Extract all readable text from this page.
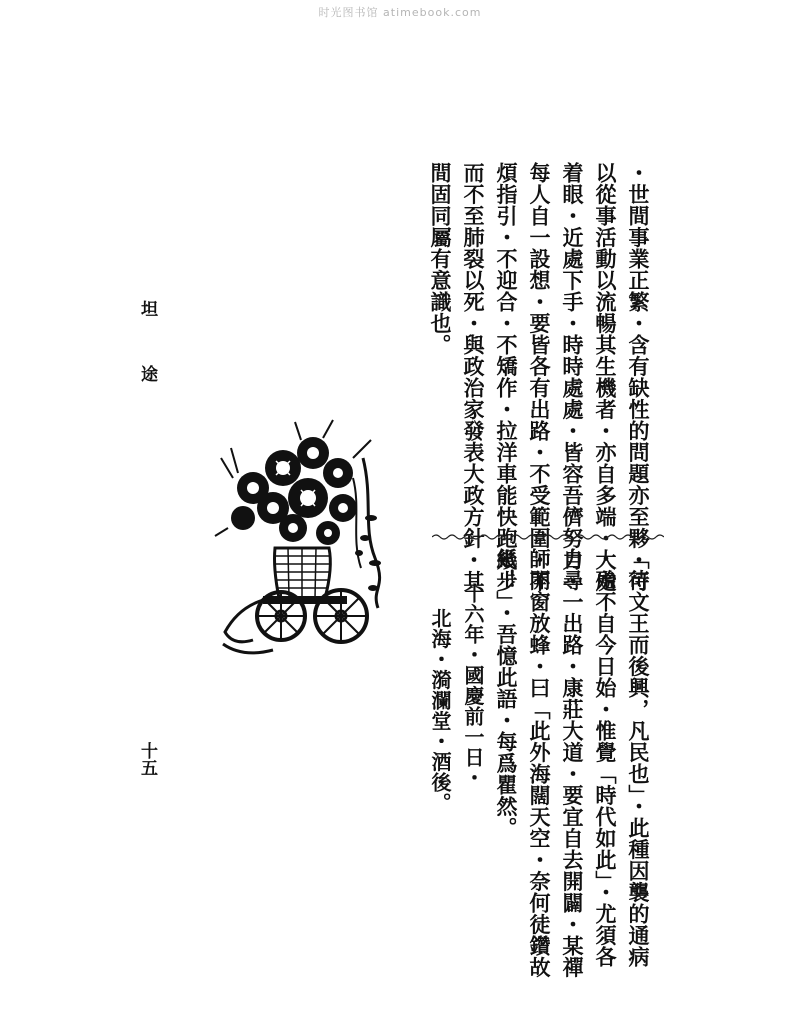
时光图书馆 atimebook.com
坦
途
十五
・世間事業正繁・含有缺性的問題亦至夥・可
以從事活動以流暢其生機者・亦自多端・大處
着眼・近處下手・時時處處・皆容吾儕努力・
每人自一設想・要皆各有出路・不受範圍・不
煩指引・不迎合・不矯作・拉洋車能快跑幾步
而不至肺裂以死・與政治家發表大政方針・其
間固同屬有意識也。
「待文王而後興，凡民也」・此種因襲的通病
・殆不自今日始・惟覺「時代如此」・尤須各
自尋一出路・康莊大道・要宜自去開闢・某禪
師開窗放蜂・曰「此外海闊天空・奈何徒鑽故
紙！」・吾憶此語・每爲瞿然。
十六年・國慶前一日・
北海・漪瀾堂・酒後。
